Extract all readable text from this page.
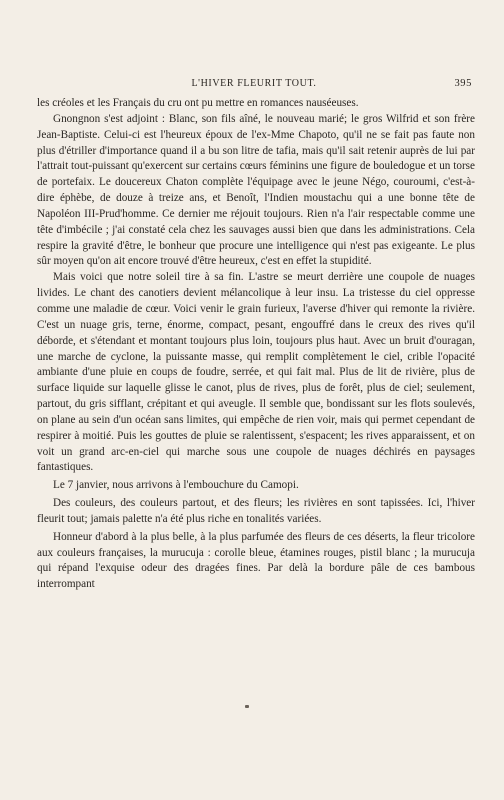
L'HIVER FLEURIT TOUT.	395

les créoles et les Français du cru ont pu mettre en romances nauséeuses.

Gnongnon s'est adjoint : Blanc, son fils aîné, le nouveau marié; le gros Wilfrid et son frère Jean-Baptiste. Celui-ci est l'heureux époux de l'ex-Mme Chapoto, qu'il ne se fait pas faute non plus d'étriller d'importance quand il a bu son litre de tafia, mais qu'il sait retenir auprès de lui par l'attrait tout-puissant qu'exercent sur certains cœurs féminins une figure de bouledogue et un torse de portefaix. Le doucereux Chaton complète l'équipage avec le jeune Négo, couroumi, c'est-à-dire éphèbe, de douze à treize ans, et Benoît, l'Indien moustachu qui a une bonne tête de Napoléon III-Prud'homme. Ce dernier me réjouit toujours. Rien n'a l'air respectable comme une tête d'imbécile ; j'ai constaté cela chez les sauvages aussi bien que dans les administrations. Cela respire la gravité d'être, le bonheur que procure une intelligence qui n'est pas exigeante. Le plus sûr moyen qu'on ait encore trouvé d'être heureux, c'est en effet la stupidité.

Mais voici que notre soleil tire à sa fin. L'astre se meurt derrière une coupole de nuages livides. Le chant des canotiers devient mélancolique à leur insu. La tristesse du ciel oppresse comme une maladie de cœur. Voici venir le grain furieux, l'averse d'hiver qui remonte la rivière. C'est un nuage gris, terne, énorme, compact, pesant, engouffré dans le creux des rives qu'il déborde, et s'étendant et montant toujours plus loin, toujours plus haut. Avec un bruit d'ouragan, une marche de cyclone, la puissante masse, qui remplit complètement le ciel, crible l'opacité ambiante d'une pluie en coups de foudre, serrée, et qui fait mal. Plus de lit de rivière, plus de surface liquide sur laquelle glisse le canot, plus de rives, plus de forêt, plus de ciel; seulement, partout, du gris sifflant, crépitant et qui aveugle. Il semble que, bondissant sur les flots soulevés, on plane au sein d'un océan sans limites, qui empêche de rien voir, mais qui permet cependant de respirer à moitié. Puis les gouttes de pluie se ralentissent, s'espacent; les rives apparaissent, et on voit un grand arc-en-ciel qui marche sous une coupole de nuages déchirés en paysages fantastiques.

Le 7 janvier, nous arrivons à l'embouchure du Camopi.

Des couleurs, des couleurs partout, et des fleurs; les rivières en sont tapissées. Ici, l'hiver fleurit tout; jamais palette n'a été plus riche en tonalités variées.

Honneur d'abord à la plus belle, à la plus parfumée des fleurs de ces déserts, la fleur tricolore aux couleurs françaises, la murucuja : corolle bleue, étamines rouges, pistil blanc ; la murucuja qui répand l'exquise odeur des dragées fines. Par delà la bordure pâle de ces bambous interrompant
